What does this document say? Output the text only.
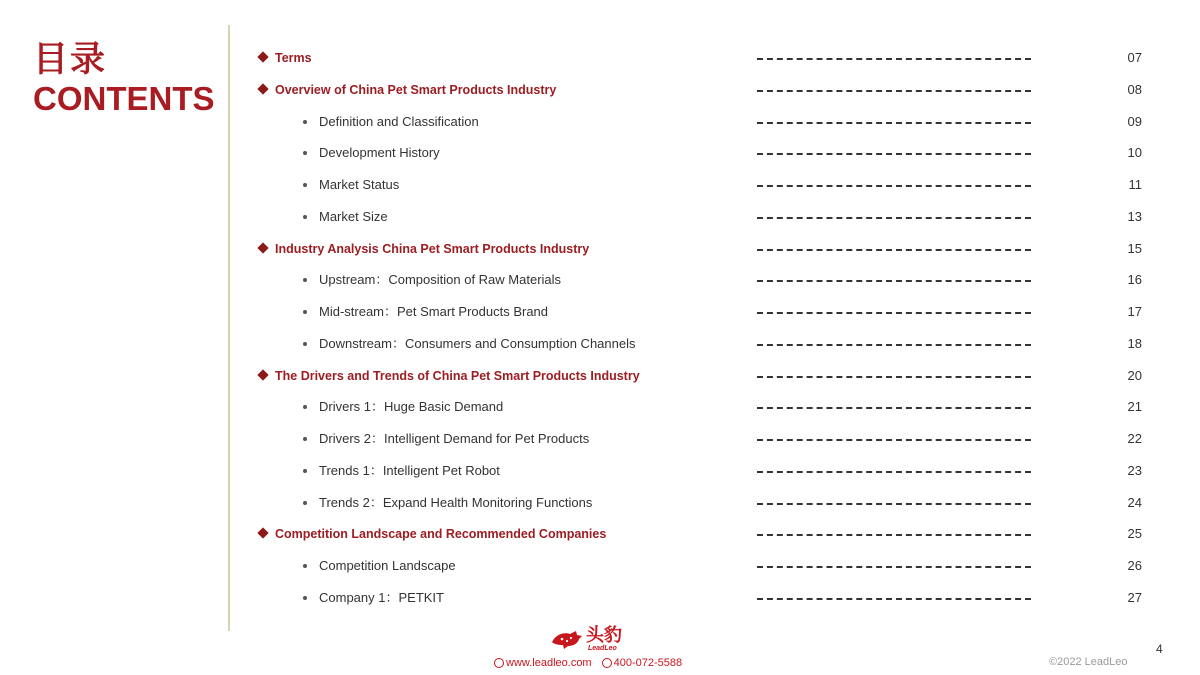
目录
CONTENTS
Terms	07
Overview of China Pet Smart Products Industry	08
Definition and Classification	09
Development History	10
Market Status	11
Market Size	13
Industry Analysis China Pet Smart Products Industry	15
Upstream：Composition of Raw Materials	16
Mid-stream：Pet Smart Products Brand	17
Downstream：Consumers and Consumption Channels	18
The Drivers and Trends of China Pet Smart Products Industry	20
Drivers 1：Huge Basic Demand	21
Drivers 2：Intelligent Demand for Pet Products	22
Trends 1：Intelligent Pet Robot	23
Trends 2：Expand Health Monitoring Functions	24
Competition Landscape and Recommended Companies	25
Competition Landscape	26
Company 1：PETKIT	27
头豹
LeadLeo
www.leadleo.com 400-072-5588
4
©2022 LeadLeo
